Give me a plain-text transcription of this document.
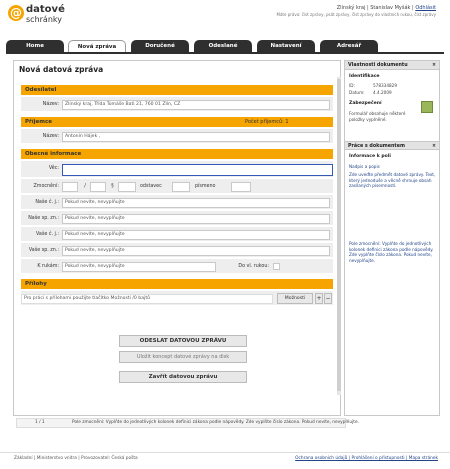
@ datové
schránky
Zlínský kraj | Stanislav Myšák | Odhlásit
Máte právo: číst zprávy, psát zprávy, číst zprávy do vlastních rukou, číst zprávy
Home	Nová zpráva	Doručené	Odeslané	Nastavení	Adresář
Nová datová zpráva
Odesílatel
Název:	Zlínský kraj, Třída Tomáše Bati 21, 760 01 Zlín, CZ
Příjemce	Počet příjemců: 1
Název:	Antonín Hájek ,
Obecné informace
Věc:
Zmocnění:	/	§	odstavec	písmeno
Naše č. j.:	Pokud nevíte, nevyplňujte
Naše sp. zn.:	Pokud nevíte, nevyplňujte
Vaše č. j.:	Pokud nevíte, nevyplňujte
Vaše sp. zn.:	Pokud nevíte, nevyplňujte
K rukám:	Pokud nevíte, nevyplňujte	Do vl. rukou:
Přílohy
Pro práci s přílohami použijte tlačítko Možnosti /0 bajtů	Možnosti	+ −
ODESLAT DATOVOU ZPRÁVU
Uložit koncept datové zprávy na disk
Zavřít datovou zprávu
1 / 1	Pole zmocnění: Vyplňte do jednotlivých kolonek definici zákona podle nápovědy. Zde vyplňte číslo zákona. Pokud nevíte, nevyplňujte.
Vlastnosti dokumentu	×
Identifikace
ID:	578334829
Datum: 4.4.2009
Zabezpečení
Formulář obsahuje některé položky vyplněné.
Práce s dokumentem	×
Informace k poli
Nadpis a popis
Zde uveďte předmět datové zprávy. Text, který jednoduše a věcně shrnuje obsah zasílaných písemností.
Pole zmocnění: Vyplňte do jednotlivých kolonek definici zákona podle nápovědy. Zde vyplňte číslo zákona. Pokud nevíte, nevyplňujte.
Základní | Ministerstvo vnitra | Provozovatel: Česká pošta	Ochrana osobních údajů | Prohlášení o přístupnosti | Mapa stránek
